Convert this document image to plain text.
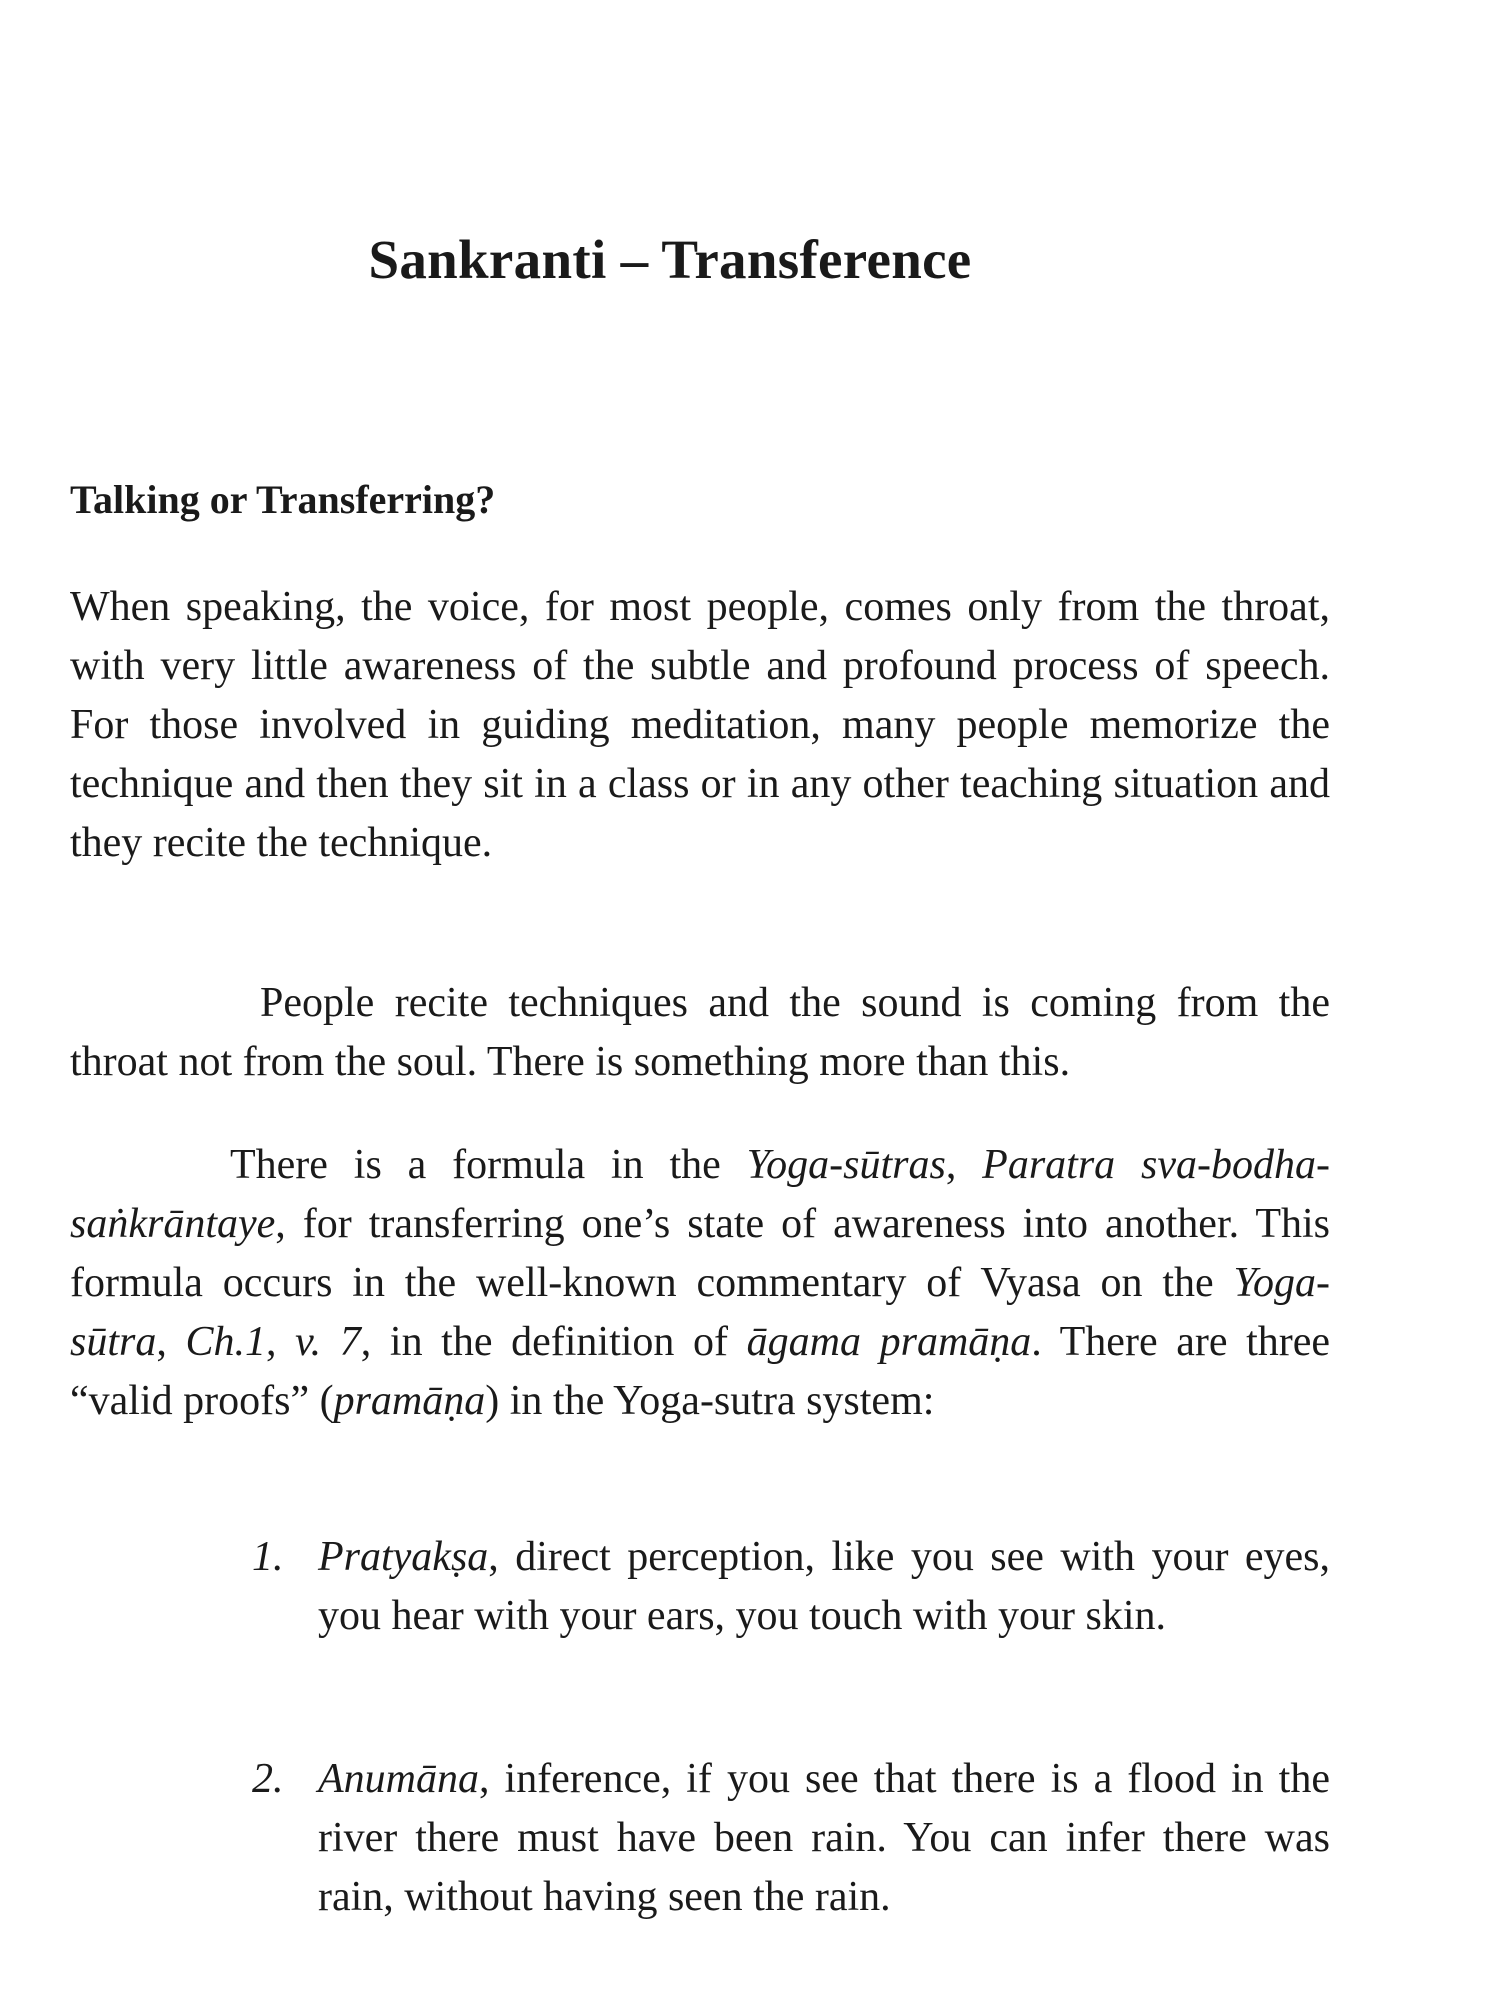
Sankranti – Transference
Talking or Transferring?

When speaking, the voice, for most people, comes only from the throat, with very little awareness of the subtle and profound process of speech. For those involved in guiding meditation, many people memorize the technique and then they sit in a class or in any other teaching situation and they recite the technique.

People recite techniques and the sound is coming from the throat not from the soul. There is something more than this.

There is a formula in the Yoga-sūtras, Paratra sva-bodha-saṅkrāntaye, for transferring one’s state of awareness into another. This formula occurs in the well-known commentary of Vyasa on the Yoga-sūtra, Ch.1, v. 7, in the definition of āgama pramāṇa. There are three “valid proofs” (pramāṇa) in the Yoga-sutra system:

1. Pratyakṣa, direct perception, like you see with your eyes, you hear with your ears, you touch with your skin.
2. Anumāna, inference, if you see that there is a flood in the river there must have been rain. You can infer there was rain, without having seen the rain.
